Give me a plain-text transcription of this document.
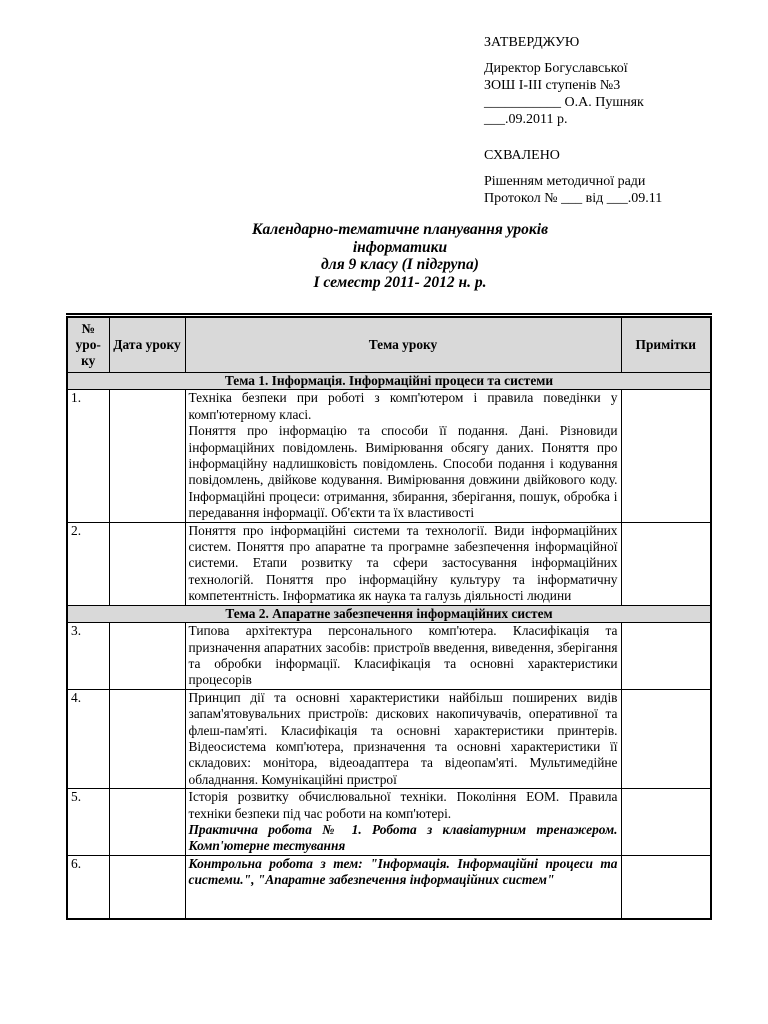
ЗАТВЕРДЖУЮ
Директор Богуславської
ЗОШ І-ІІІ ступенів №3
___________ О.А. Пушняк
___.09.2011 р.
СХВАЛЕНО
Рішенням методичної ради
Протокол № ___ від ___.09.11
Календарно-тематичне планування уроків
інформатики
для 9 класу (І підгрупа)
І семестр 2011- 2012 н. р.
№ уро- ку	Дата уроку	Тема уроку	Примітки
Тема 1. Інформація. Інформаційні процеси та системи			
1.		Техніка безпеки при роботі з комп'ютером і правила поведінки у комп'ютерному класі.
Поняття про інформацію та способи її подання. Дані. Різновиди інформаційних повідомлень. Вимірювання обсягу даних. Поняття про інформаційну надлишковість повідомлень. Способи подання і кодування повідомлень, двійкове кодування. Вимірювання довжини двійкового коду. Інформаційні процеси: отримання, збирання, зберігання, пошук, обробка і передавання інформації. Об'єкти та їх властивості	

2.		Поняття про інформаційні системи та технології. Види інформаційних систем. Поняття про апаратне та програмне забезпечення інформаційної системи. Етапи розвитку та сфери застосування інформаційних технологій. Поняття про інформаційну культуру та інформатичну компетентність. Інформатика як наука та галузь діяльності людини	

Тема 2. Апаратне забезпечення інформаційних систем			
3.		Типова архітектура персонального комп'ютера. Класифікація та призначення апаратних засобів: пристроїв введення, виведення, зберігання та обробки інформації. Класифікація та основні характеристики процесорів	

4.		Принцип дії та основні характеристики найбільш поширених видів запам'ятовувальних пристроїв: дискових накопичувачів, оперативної та флеш-пам'яті. Класифікація та основні характеристики принтерів. Відеосистема комп'ютера, призначення та основні характеристики її складових: монітора, відеоадаптера та відеопам'яті. Мультимедійне обладнання. Комунікаційні пристрої	

5.		Історія розвитку обчислювальної техніки. Покоління ЕОМ. Правила техніки безпеки під час роботи на комп'ютері.
Практична робота № 1. Робота з клавіатурним тренажером. Комп'ютерне тестування	

6.		Контрольна робота з тем: "Інформація. Інформаційні процеси та системи.", "Апаратне забезпечення інформаційних систем"	
